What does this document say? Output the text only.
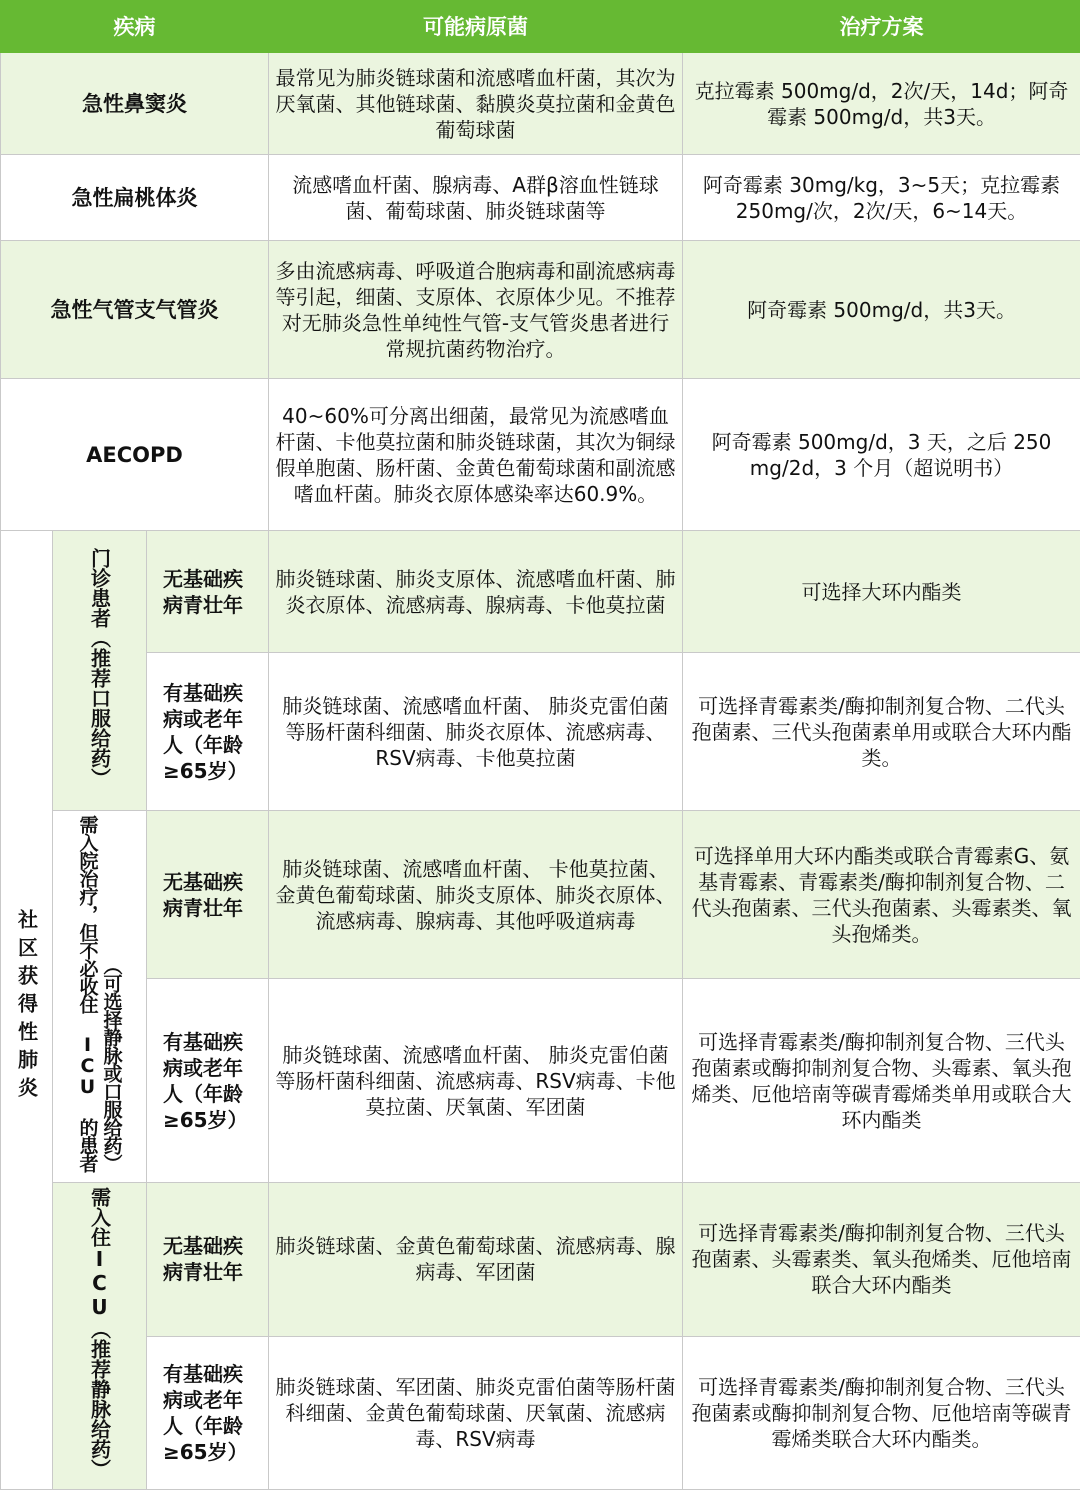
疾病			可能病原菌	治疗方案
急性鼻窦炎			最常见为肺炎链球菌和流感嗜血杆菌，其次为厌氧菌、其他链球菌、黏膜炎莫拉菌和金黄色葡萄球菌	克拉霉素 500mg/d，2次/天，14d；阿奇霉素 500mg/d，共3天。
急性扁桃体炎			流感嗜血杆菌、腺病毒、A群β溶血性链球菌、葡萄球菌、肺炎链球菌等	阿奇霉素 30mg/kg，3~5天；克拉霉素 250mg/次，2次/天，6~14天。
急性气管支气管炎			多由流感病毒、呼吸道合胞病毒和副流感病毒等引起，细菌、支原体、衣原体少见。不推荐对无肺炎急性单纯性气管-支气管炎患者进行常规抗菌药物治疗。	阿奇霉素 500mg/d，共3天。
AECOPD			40~60%可分离出细菌，最常见为流感嗜血杆菌、卡他莫拉菌和肺炎链球菌，其次为铜绿假单胞菌、肠杆菌、金黄色葡萄球菌和副流感嗜血杆菌。肺炎衣原体感染率达60.9%。	阿奇霉素 500mg/d，3 天，之后 250 mg/2d，3 个月（超说明书）
社区获得性肺炎	门诊患者（推荐口服给药）	无基础疾病青壮年	肺炎链球菌、肺炎支原体、流感嗜血杆菌、肺炎衣原体、流感病毒、腺病毒、卡他莫拉菌	可选择大环内酯类
		有基础疾病或老年人（年龄≥65岁）	肺炎链球菌、流感嗜血杆菌、 肺炎克雷伯菌等肠杆菌科细菌、肺炎衣原体、流感病毒、RSV病毒、卡他莫拉菌	可选择青霉素类/酶抑制剂复合物、二代头孢菌素、三代头孢菌素单用或联合大环内酯类。
	需入院治疗，但不必收住 ICU 的患者 （可选择静脉或口服给药）	无基础疾病青壮年	肺炎链球菌、流感嗜血杆菌、 卡他莫拉菌、金黄色葡萄球菌、肺炎支原体、肺炎衣原体、流感病毒、腺病毒、其他呼吸道病毒	可选择单用大环内酯类或联合青霉素G、氨基青霉素、青霉素类/酶抑制剂复合物、二代头孢菌素、三代头孢菌素、头霉素类、氧头孢烯类。
		有基础疾病或老年人（年龄≥65岁）	肺炎链球菌、流感嗜血杆菌、 肺炎克雷伯菌等肠杆菌科细菌、流感病毒、RSV病毒、卡他莫拉菌、厌氧菌、军团菌	可选择青霉素类/酶抑制剂复合物、三代头孢菌素或酶抑制剂复合物、头霉素、氧头孢烯类、厄他培南等碳青霉烯类单用或联合大环内酯类
	需入住ICU（推荐静脉给药）	无基础疾病青壮年	肺炎链球菌、金黄色葡萄球菌、流感病毒、腺病毒、军团菌	可选择青霉素类/酶抑制剂复合物、三代头孢菌素、头霉素类、氧头孢烯类、厄他培南联合大环内酯类
		有基础疾病或老年人（年龄≥65岁）	肺炎链球菌、军团菌、肺炎克雷伯菌等肠杆菌科细菌、金黄色葡萄球菌、厌氧菌、流感病毒、RSV病毒	可选择青霉素类/酶抑制剂复合物、三代头孢菌素或酶抑制剂复合物、厄他培南等碳青霉烯类联合大环内酯类。
